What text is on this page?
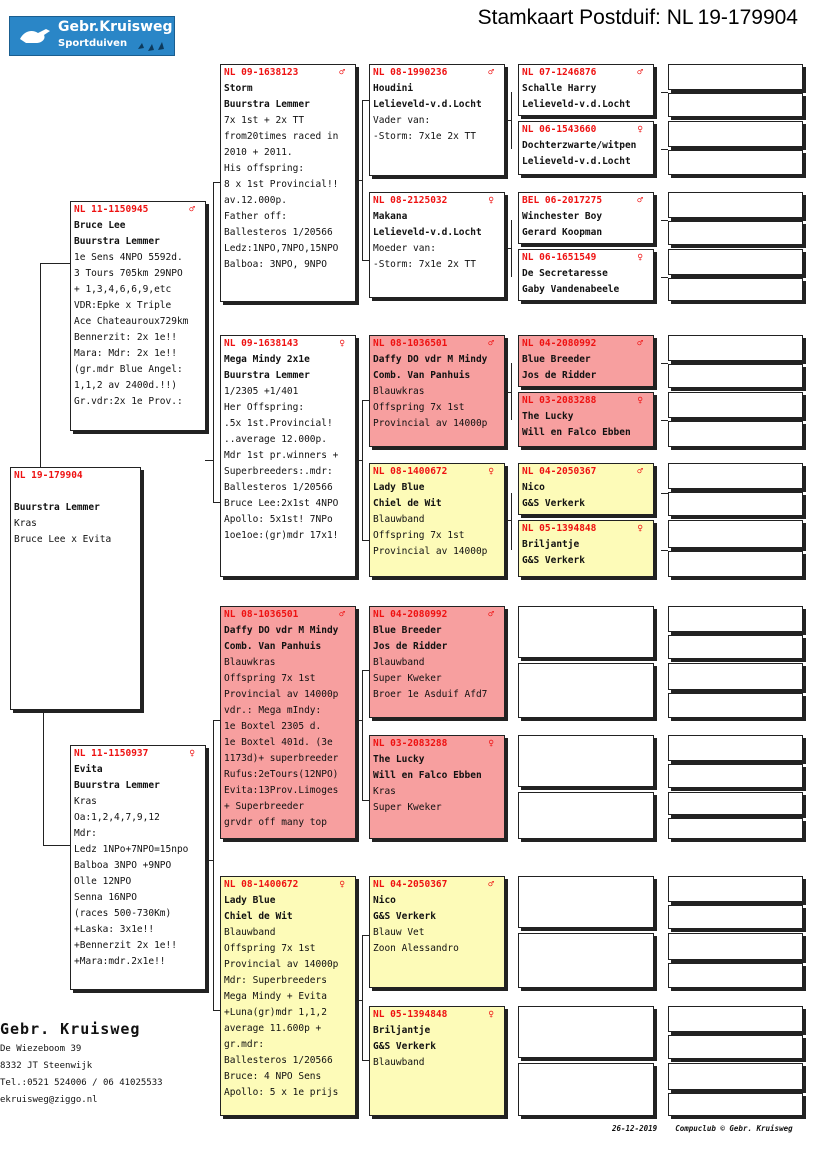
Gebr.Kruisweg
Sportduiven
Stamkaart Postduif: NL 19-179904
NL 19-179904
Buurstra Lemmer
Kras
Bruce Lee x Evita
NL 11-1150945	♂
Bruce Lee
Buurstra Lemmer
1e Sens 4NPO 5592d.
3 Tours 705km 29NPO
+ 1,3,4,6,6,9,etc
VDR:Epke x Triple
Ace Chateauroux729km
Bennerzit: 2x 1e!!
Mara: Mdr: 2x 1e!!
(gr.mdr Blue Angel:
1,1,2 av 2400d.!!)
Gr.vdr:2x 1e Prov.:
NL 11-1150937	♀
Evita
Buurstra Lemmer
Kras
Oa:1,2,4,7,9,12
Mdr:
Ledz 1NPo+7NPO=15npo
Balboa 3NPO +9NPO
Olle 12NPO
Senna 16NPO
(races 500-730Km)
+Laska: 3x1e!!
+Bennerzit 2x 1e!!
+Mara:mdr.2x1e!!
NL 09-1638123	♂
Storm
Buurstra Lemmer
7x 1st + 2x TT
from20times raced in
2010 + 2011.
His offspring:
8 x 1st Provincial!!
av.12.000p.
Father off:
Ballesteros 1/20566
Ledz:1NPO,7NPO,15NPO
Balboa: 3NPO, 9NPO
NL 09-1638143	♀
Mega Mindy 2x1e
Buurstra Lemmer
1/2305 +1/401
Her Offspring:
.5x 1st.Provincial!
..average 12.000p.
Mdr 1st pr.winners +
Superbreeders:.mdr:
Ballesteros 1/20566
Bruce Lee:2x1st 4NPO
Apollo: 5x1st! 7NPo
1oe1oe:(gr)mdr 17x1!
NL 08-1036501	♂
Daffy DO vdr M Mindy
Comb. Van Panhuis
Blauwkras
Offspring 7x 1st
Provincial av 14000p
vdr.: Mega mIndy:
1e Boxtel 2305 d.
1e Boxtel 401d. (3e
1173d)+ superbreeder
Rufus:2eTours(12NPO)
Evita:13Prov.Limoges
+ Superbreeder
grvdr off many top
NL 08-1400672	♀
Lady Blue
Chiel de Wit
Blauwband
Offspring 7x 1st
Provincial av 14000p
Mdr: Superbreeders
Mega Mindy + Evita
+Luna(gr)mdr 1,1,2
average 11.600p +
gr.mdr:
Ballesteros 1/20566
Bruce: 4 NPO Sens
Apollo: 5 x 1e prijs
NL 08-1990236	♂
Houdini
Lelieveld-v.d.Locht
Vader van:
-Storm: 7x1e 2x TT
NL 08-2125032	♀
Makana
Lelieveld-v.d.Locht
Moeder van:
-Storm: 7x1e 2x TT
NL 08-1036501	♂
Daffy DO vdr M Mindy
Comb. Van Panhuis
Blauwkras
Offspring 7x 1st
Provincial av 14000p
NL 08-1400672	♀
Lady Blue
Chiel de Wit
Blauwband
Offspring 7x 1st
Provincial av 14000p
NL 04-2080992	♂
Blue Breeder
Jos de Ridder
Blauwband
Super Kweker
Broer 1e Asduif Afd7
NL 03-2083288	♀
The Lucky
Will en Falco Ebben
Kras
Super Kweker
NL 04-2050367	♂
Nico
G&S Verkerk
Blauw Vet
Zoon Alessandro
NL 05-1394848	♀
Briljantje
G&S Verkerk
Blauwband
NL 07-1246876	♂
Schalle Harry
Lelieveld-v.d.Locht
NL 06-1543660	♀
Dochterzwarte/witpen
Lelieveld-v.d.Locht
BEL 06-2017275	♂
Winchester Boy
Gerard Koopman
NL 06-1651549	♀
De Secretaresse
Gaby Vandenabeele
NL 04-2080992	♂
Blue Breeder
Jos de Ridder
NL 03-2083288	♀
The Lucky
Will en Falco Ebben
NL 04-2050367	♂
Nico
G&S Verkerk
NL 05-1394848	♀
Briljantje
G&S Verkerk
Gebr. Kruisweg
De Wiezeboom 39
8332 JT Steenwijk
Tel.:0521 524006 / 06 41025533
ekruisweg@ziggo.nl
26-12-2019 Compuclub © Gebr. Kruisweg
